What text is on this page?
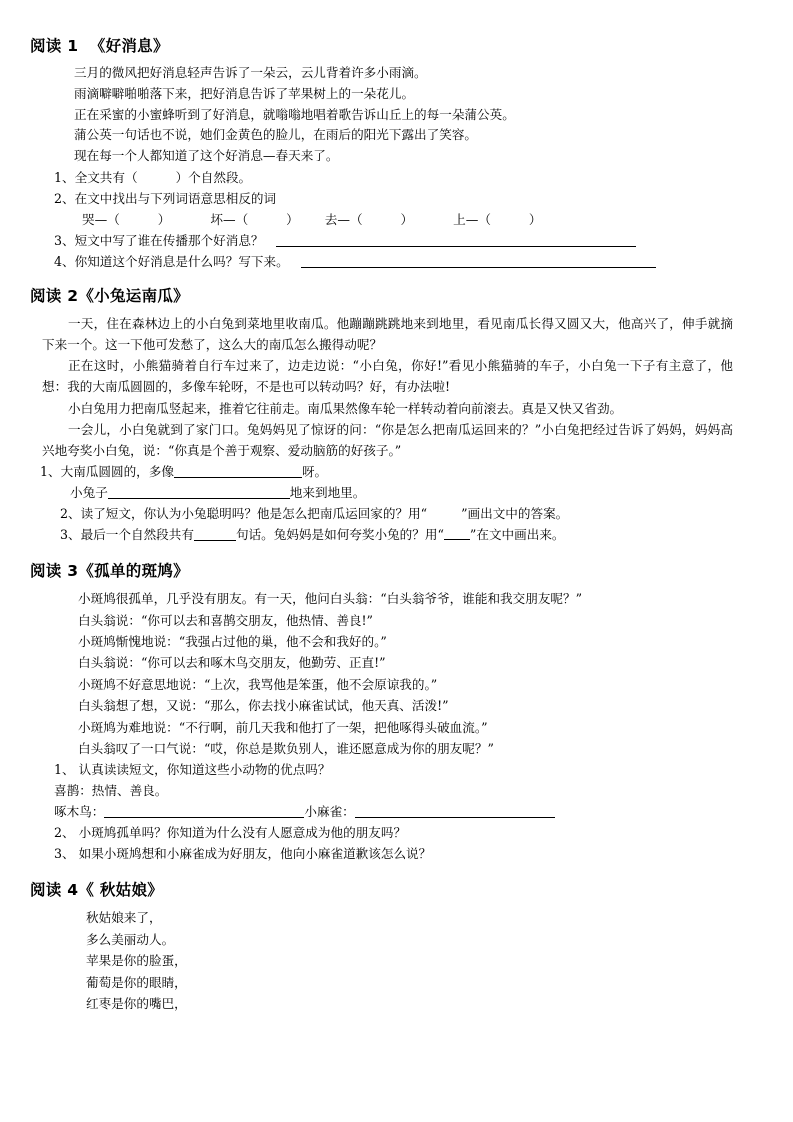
阅读 1  《好消息》

三月的微风把好消息轻声告诉了一朵云，云儿背着许多小雨滴。

雨滴噼噼啪啪落下来，把好消息告诉了苹果树上的一朵花儿。

正在采蜜的小蜜蜂听到了好消息，就嗡嗡地唱着歌告诉山丘上的每一朵蒲公英。

蒲公英一句话也不说，她们金黄色的脸儿，在雨后的阳光下露出了笑容。

现在每一个人都知道了这个好消息—春天来了。

1、全文共有（	）个自然段。

2、在文中找出与下列词语意思相反的词

哭—（	）	坏—（	） 去—（	）	上—（	）

3、短文中写了谁在传播那个好消息？

4、你知道这个好消息是什么吗？写下来。

阅读 2《小兔运南瓜》

一天，住在森林边上的小白兔到菜地里收南瓜。他蹦蹦跳跳地来到地里，看见南瓜长得又圆又大，他高兴了，伸手就摘下来一个。这一下他可发愁了，这么大的南瓜怎么搬得动呢？

正在这时，小熊猫骑着自行车过来了，边走边说：“小白兔，你好!”看见小熊猫骑的车子，小白兔一下子有主意了，他想：我的大南瓜圆圆的，多像车轮呀，不是也可以转动吗？好，有办法啦!

小白兔用力把南瓜竖起来，推着它往前走。南瓜果然像车轮一样转动着向前滚去。真是又快又省劲。

一会儿，小白兔就到了家门口。兔妈妈见了惊讶的问：“你是怎么把南瓜运回来的？”小白兔把经过告诉了妈妈，妈妈高兴地夸奖小白兔，说：“你真是个善于观察、爱动脑筋的好孩子。”

1、大南瓜圆圆的，多像	呀。

小兔子	地来到地里。

2、读了短文，你认为小兔聪明吗？他是怎么把南瓜运回家的？用“	”画出文中的答案。

3、最后一个自然段共有	句话。兔妈妈是如何夸奖小兔的？用“ ”在文中画出来。

阅读 3《孤单的斑鸠》

小斑鸠很孤单，几乎没有朋友。有一天，他问白头翁：“白头翁爷爷，谁能和我交朋友呢？”

白头翁说：“你可以去和喜鹊交朋友，他热情、善良!”

小斑鸠惭愧地说：“我强占过他的巢，他不会和我好的。”

白头翁说：“你可以去和啄木鸟交朋友，他勤劳、正直!”

小斑鸠不好意思地说：“上次，我骂他是笨蛋，他不会原谅我的。”

白头翁想了想，又说：“那么，你去找小麻雀试试，他天真、活泼!”

小斑鸠为难地说：“不行啊，前几天我和他打了一架，把他啄得头破血流。”

白头翁叹了一口气说：“哎，你总是欺负别人，谁还愿意成为你的朋友呢？”

1、 认真读读短文，你知道这些小动物的优点吗？

喜鹊：热情、善良。

啄木鸟：	小麻雀：

2、 小斑鸠孤单吗？你知道为什么没有人愿意成为他的朋友吗？

3、 如果小斑鸠想和小麻雀成为好朋友，他向小麻雀道歉该怎么说？

阅读 4《 秋姑娘》

秋姑娘来了，

多么美丽动人。

苹果是你的脸蛋，

葡萄是你的眼睛，

红枣是你的嘴巴，
